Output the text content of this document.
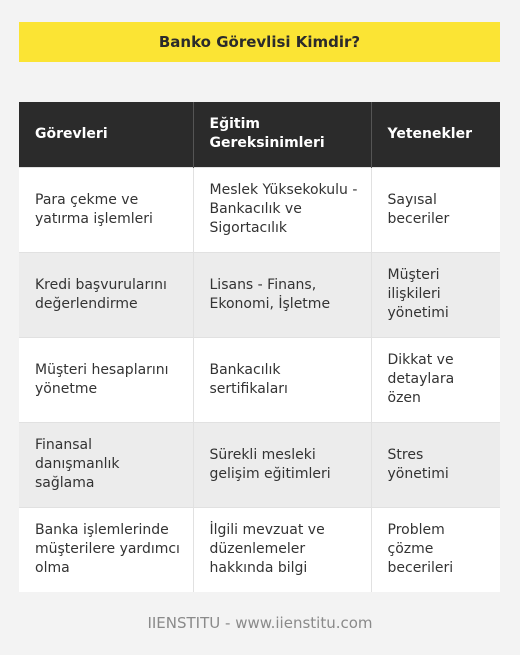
Banko Görevlisi Kimdir?
Görevleri	Eğitim Gereksinimleri	Yetenekler
Para çekme ve yatırma işlemleri	Meslek Yüksekokulu - Bankacılık ve Sigortacılık	Sayısal beceriler
Kredi başvurularını değerlendirme	Lisans - Finans, Ekonomi, İşletme	Müşteri ilişkileri yönetimi
Müşteri hesaplarını yönetme	Bankacılık sertifikaları	Dikkat ve detaylara özen
Finansal danışmanlık sağlama	Sürekli mesleki gelişim eğitimleri	Stres yönetimi
Banka işlemlerinde müşterilere yardımcı olma	İlgili mevzuat ve düzenlemeler hakkında bilgi	Problem çözme becerileri
IIENSTITU - www.iienstitu.com
